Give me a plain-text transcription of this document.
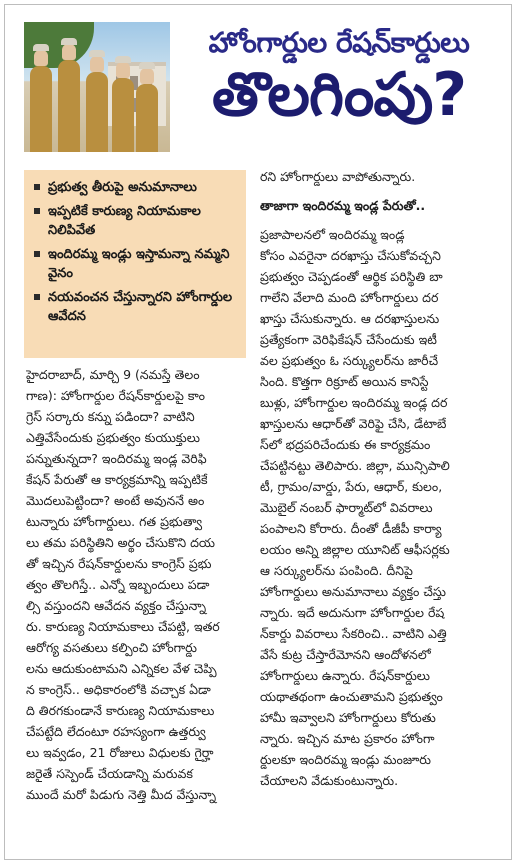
హోంగార్డుల రేషన్‌కార్డులు
తొలగింపు?
ప్రభుత్వ తీరుపై అనుమానాలు
ఇప్పటికే కారుణ్య నియామకాల నిలిపివేత
ఇందిరమ్మ ఇండ్లు ఇస్తామన్నా నమ్మని వైనం
నయవంచన చేస్తున్నారని హోంగార్డుల ఆవేదన
హైదరాబాద్, మార్చి 9 (నమస్తే తెలం
గాణ): హోంగార్డుల రేషన్‌కార్డులపై కాం
గ్రెస్ సర్కారు కన్ను పడిందా? వాటిని
ఎత్తివేసేందుకు ప్రభుత్వం కుయుక్తులు
పన్నుతున్నదా? ఇందిరమ్మ ఇండ్ల వెరిఫి
కేషన్ పేరుతో ఆ కార్యక్రమాన్ని ఇప్పటికే
మొదలుపెట్టిందా? అంటే అవుననే అం
టున్నారు హోంగార్డులు. గత ప్రభుత్వా
లు తమ పరిస్థితిని అర్థం చేసుకొని దయ
తో ఇచ్చిన రేషన్‌కార్డులను కాంగ్రెస్ ప్రభు
త్వం తొలగిస్తే.. ఎన్నో ఇబ్బందులు పడా
ల్సి వస్తుందని ఆవేదన వ్యక్తం చేస్తున్నా
రు. కారుణ్య నియామకాలు చేపట్టి, ఇతర
ఆరోగ్య వసతులు కల్పించి హోంగార్డు
లను ఆదుకుంటామని ఎన్నికల వేళ చెప్పి
న కాంగ్రెస్.. అధికారంలోకి వచ్చాక ఏడా
ది తిరగకుండానే కారుణ్య నియామకాలు
చేపట్టేది లేదంటూ రహస్యంగా ఉత్తర్వు
లు ఇవ్వడం, 21 రోజులు విధులకు గైర్హా
జరైతే సస్పెండ్ చేయడాన్ని మరువక
ముందే మరో పిడుగు నెత్తి మీద వేస్తున్నా
రని హోంగార్డులు వాపోతున్నారు.
తాజాగా ఇందిరమ్మ ఇండ్ల పేరుతో..
ప్రజాపాలనలో ఇందిరమ్మ ఇండ్ల
కోసం ఎవరైనా దరఖాస్తు చేసుకోవచ్చని
ప్రభుత్వం చెప్పడంతో ఆర్థిక పరిస్థితి బా
గాలేని వేలాది మంది హోంగార్డులు దర
ఖాస్తు చేసుకున్నారు. ఆ దరఖాస్తులను
ప్రత్యేకంగా వెరిఫికేషన్ చేసేందుకు ఇటీ
వల ప్రభుత్వం ఓ సర్క్యులర్‌ను జారీచే
సింది. కొత్తగా రిక్రూట్ అయిన కానిస్టే
బుళ్లు, హోంగార్డుల ఇందిరమ్మ ఇండ్ల దర
ఖాస్తులను ఆధార్‌తో వెరిఫై చేసి, డేటాబే
స్‌లో భద్రపరిచేందుకు ఈ కార్యక్రమం
చేపట్టినట్టు తెలిపారు. జిల్లా, మున్సిపాలి
టీ, గ్రామం/వార్డు, పేరు, ఆధార్, కులం,
మొబైల్ నంబర్ ఫార్మాట్‌లో వివరాలు
పంపాలని కోరారు. దీంతో డీజీపీ కార్యా
లయం అన్ని జిల్లాల యూనిట్ ఆఫీసర్లకు
ఆ సర్క్యులర్‌ను పంపింది. దీనిపై
హోంగార్డులు అనుమానాలు వ్యక్తం చేస్తు
న్నారు. ఇదే అదునుగా హోంగార్డుల రేష
న్‌కార్డు వివరాలు సేకరించి.. వాటిని ఎత్తి
వేసే కుట్ర చేస్తారేమోనని ఆందోళనలో
హోంగార్డులు ఉన్నారు. రేషన్‌కార్డులు
యథాతథంగా ఉంచుతామని ప్రభుత్వం
హామీ ఇవ్వాలని హోంగార్డులు కోరుతు
న్నారు. ఇచ్చిన మాట ప్రకారం హోంగా
ర్డులకూ ఇందిరమ్మ ఇండ్లు మంజూరు
చేయాలని వేడుకుంటున్నారు.
